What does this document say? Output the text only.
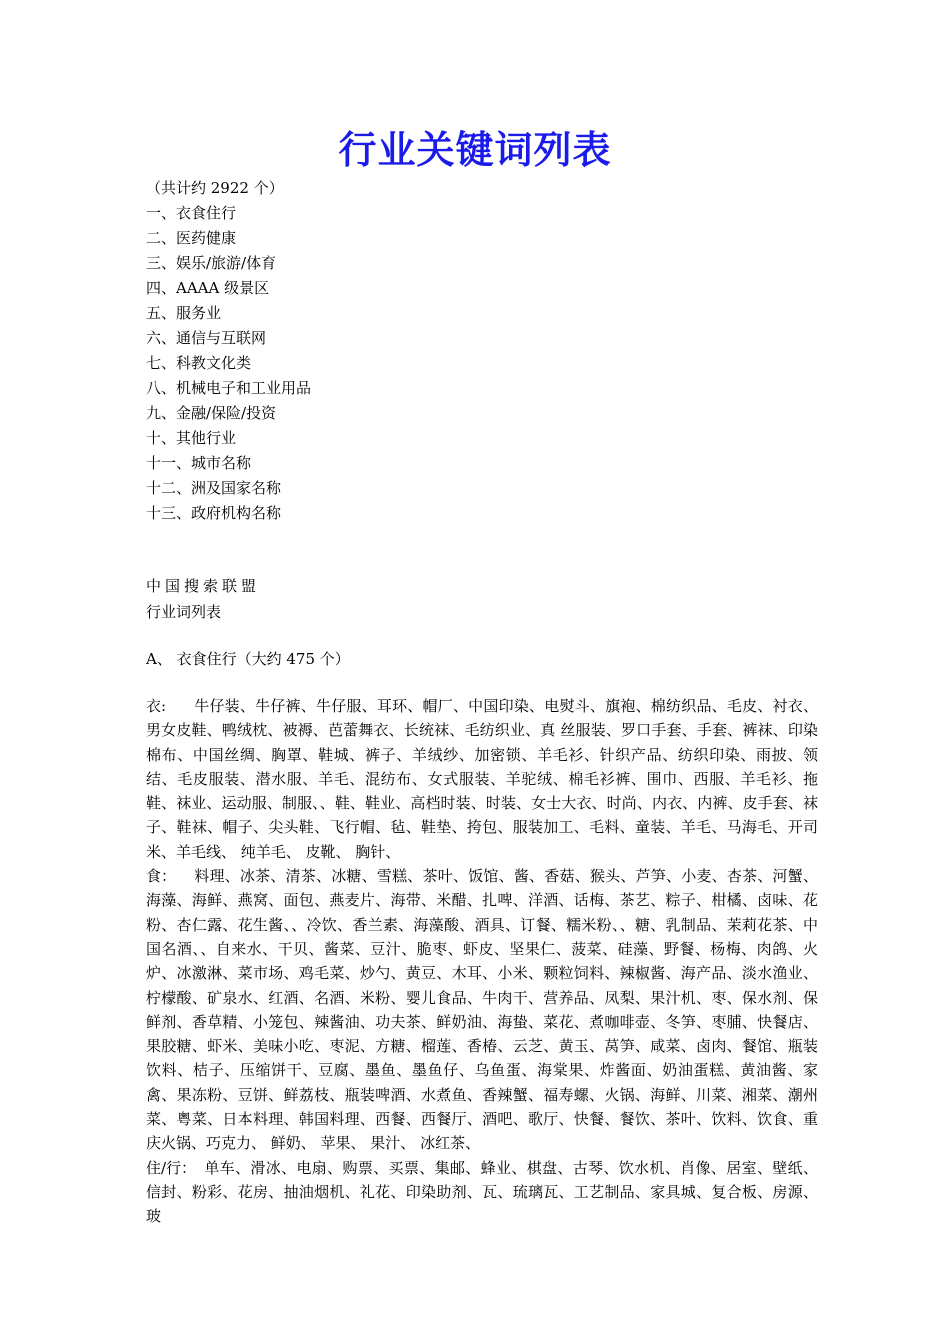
行业关键词列表
（共计约 2922 个）
一、衣食住行
二、医药健康
三、娱乐/旅游/体育
四、AAAA 级景区
五、服务业
六、通信与互联网
七、科教文化类
八、机械电子和工业用品
九、金融/保险/投资
十、其他行业
十一、城市名称
十二、洲及国家名称
十三、政府机构名称
中国搜索联盟
行业词列表
A、 衣食住行（大约 475 个）
衣: 牛仔装、牛仔裤、牛仔服、耳环、帽厂、中国印染、电熨斗、旗袍、棉纺织品、毛皮、衬衣、男女皮鞋、鸭绒枕、被褥、芭蕾舞衣、长统袜、毛纺织业、真 丝服装、罗口手套、手套、裤袜、印染棉布、中国丝绸、胸罩、鞋城、裤子、羊绒纱、加密锁、羊毛衫、针织产品、纺织印染、雨披、领结、毛皮服装、潜水服、羊毛、混纺布、女式服装、羊驼绒、棉毛衫裤、围巾、西服、羊毛衫、拖鞋、袜业、运动服、制服、、鞋、鞋业、高档时装、时装、女士大衣、时尚、内衣、内裤、皮手套、袜子、鞋袜、帽子、尖头鞋、飞行帽、毡、鞋垫、挎包、服装加工、毛料、童装、羊毛、马海毛、开司米、羊毛线、 纯羊毛、 皮靴、 胸针、
食： 料理、冰茶、清茶、冰糖、雪糕、茶叶、饭馆、酱、香菇、猴头、芦笋、小麦、杏茶、河蟹、海藻、海鲜、燕窝、面包、燕麦片、海带、米醋、扎啤、洋酒、话梅、茶艺、粽子、柑橘、卤味、花粉、杏仁露、花生酱、、冷饮、香兰素、海藻酸、酒具、订餐、糯米粉、、糖、乳制品、茉莉花茶、中国名酒、、自来水、干贝、酱菜、豆汁、脆枣、虾皮、坚果仁、菠菜、硅藻、野餐、杨梅、肉鸽、火炉、冰激淋、菜市场、鸡毛菜、炒勺、黄豆、木耳、小米、颗粒饲料、辣椒酱、海产品、淡水渔业、柠檬酸、矿泉水、红酒、名酒、米粉、婴儿食品、牛肉干、营养品、凤梨、果汁机、枣、保水剂、保鲜剂、香草精、小笼包、辣酱油、功夫茶、鲜奶油、海蛰、菜花、煮咖啡壶、冬笋、枣脯、快餐店、果胶糖、虾米、美味小吃、枣泥、方糖、榴莲、香椿、云芝、黄玉、莴笋、咸菜、卤肉、餐馆、瓶装饮料、桔子、压缩饼干、豆腐、墨鱼、墨鱼仔、乌鱼蛋、海棠果、炸酱面、奶油蛋糕、黄油酱、家禽、果冻粉、豆饼、鲜荔枝、瓶装啤酒、水煮鱼、香辣蟹、福寿螺、火锅、海鲜、川菜、湘菜、潮州菜、粤菜、日本料理、韩国料理、西餐、西餐厅、酒吧、歌厅、快餐、餐饮、茶叶、饮料、饮食、重庆火锅、巧克力、 鲜奶、 苹果、 果汁、 冰红茶、
住/行： 单车、滑冰、电扇、购票、买票、集邮、蜂业、棋盘、古琴、饮水机、肖像、居室、壁纸、信封、粉彩、花房、抽油烟机、礼花、印染助剂、瓦、琉璃瓦、工艺制品、家具城、复合板、房源、玻
